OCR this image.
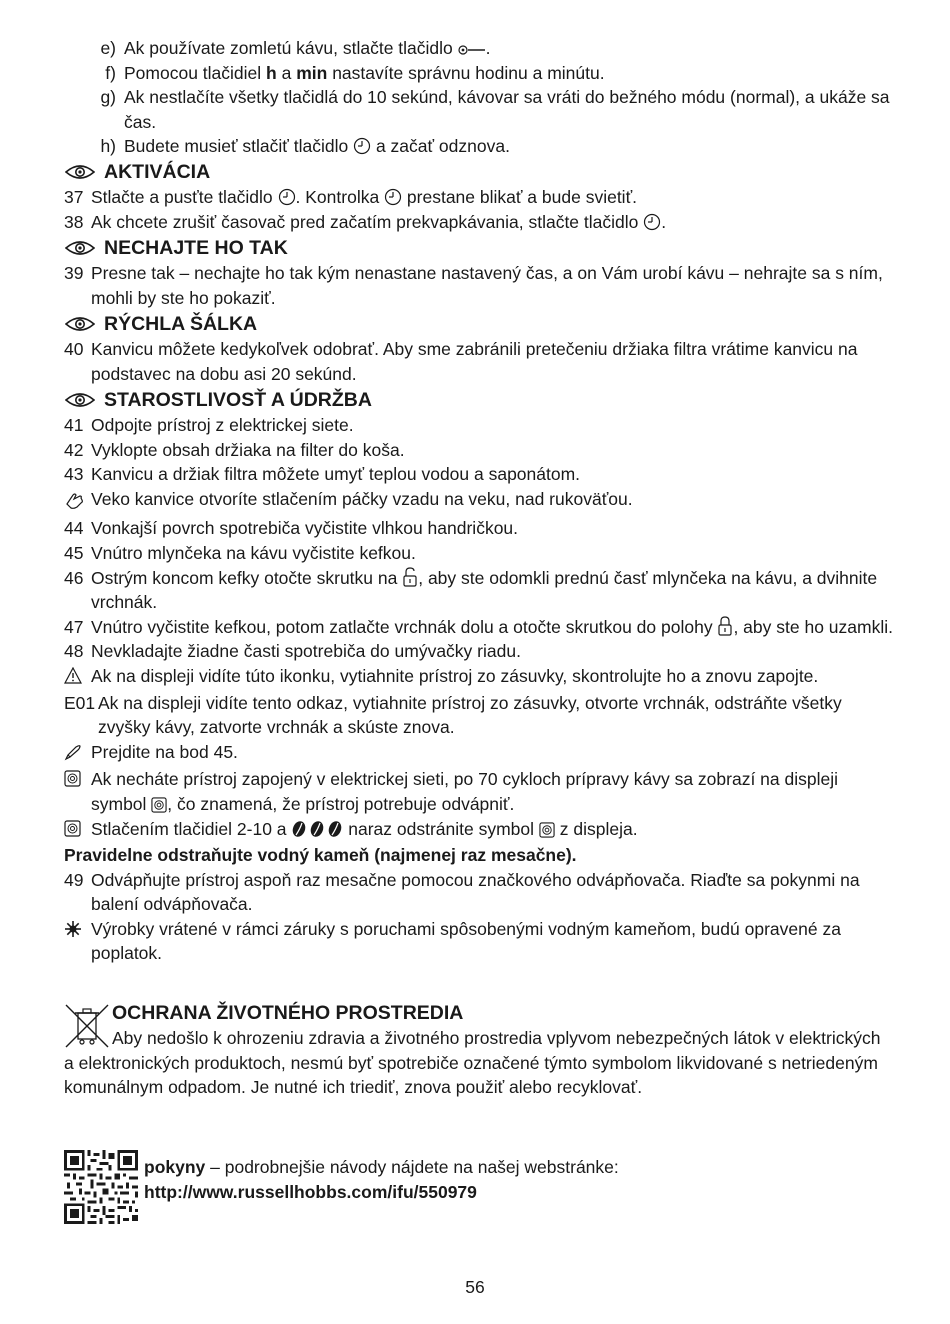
e) Ak používate zomletú kávu, stlačte tlačidlo .
f) Pomocou tlačidiel h a min nastavíte správnu hodinu a minútu.
g) Ak nestlačíte všetky tlačidlá do 10 sekúnd, kávovar sa vráti do bežného módu (normal), a ukáže sa čas.
h) Budete musieť stlačiť tlačidlo  a začať odznova.
AKTIVÁCIA
37 Stlačte a pusťte tlačidlo . Kontrolka  prestane blikať a bude svietiť.
38 Ak chcete zrušiť časovač pred začatím prekvapkávania, stlačte tlačidlo .
NECHAJTE HO TAK
39 Presne tak – nechajte ho tak kým nenastane nastavený čas, a on Vám urobí kávu – nehrajte sa s ním, mohli by ste ho pokaziť.
RÝCHLA ŠÁLKA
40 Kanvicu môžete kedykoľvek odobrať. Aby sme zabránili pretečeniu držiaka filtra vrátime kanvicu na podstavec na dobu asi 20 sekúnd.
STAROSTLIVOSŤ A ÚDRŽBA
41 Odpojte prístroj z elektrickej siete.
42 Vyklopte obsah držiaka na filter do koša.
43 Kanvicu a držiak filtra môžete umyť teplou vodou a saponátom.
Veko kanvice otvoríte stlačením páčky vzadu na veku, nad rukoväťou.
44 Vonkajší povrch spotrebiča vyčistite vlhkou handričkou.
45 Vnútro mlynčeka na kávu vyčistite kefkou.
46 Ostrým koncom kefky otočte skrutku na , aby ste odomkli prednú časť mlynčeka na kávu, a dvihnite vrchnák.
47 Vnútro vyčistite kefkou, potom zatlačte vrchnák dolu a otočte skrutkou do polohy , aby ste ho uzamkli.
48 Nevkladajte žiadne časti spotrebiča do umývačky riadu.
Ak na displeji vidíte túto ikonku, vytiahnite prístroj zo zásuvky, skontrolujte ho a znovu zapojte.
E01 Ak na displeji vidíte tento odkaz, vytiahnite prístroj zo zásuvky, otvorte vrchnák, odstráňte všetky zvyšky kávy, zatvorte vrchnák a skúste znova.
Prejdite na bod 45.
Ak necháte prístroj zapojený v elektrickej sieti, po 70 cykloch prípravy kávy sa zobrazí na displeji symbol , čo znamená, že prístroj potrebuje odvápniť.
Stlačením tlačidiel 2-10 a	naraz odstránite symbol  z displeja.
Pravidelne odstraňujte vodný kameň (najmenej raz mesačne).
49 Odvápňujte prístroj aspoň raz mesačne pomocou značkového odvápňovača. Riaďte sa pokynmi na balení odvápňovača.
Výrobky vrátené v rámci záruky s poruchami spôsobenými vodným kameňom, budú opravené za poplatok.
OCHRANA ŽIVOTNÉHO PROSTREDIA
Aby nedošlo k ohrozeniu zdravia a životného prostredia vplyvom nebezpečných látok v elektrických a elektronických produktoch, nesmú byť spotrebiče označené týmto symbolom likvidované s netriedeným komunálnym odpadom. Je nutné ich triediť, znova použiť alebo recyklovať.
pokyny – podrobnejšie návody nájdete na našej webstránke:
http://www.russellhobbs.com/ifu/550979
56
